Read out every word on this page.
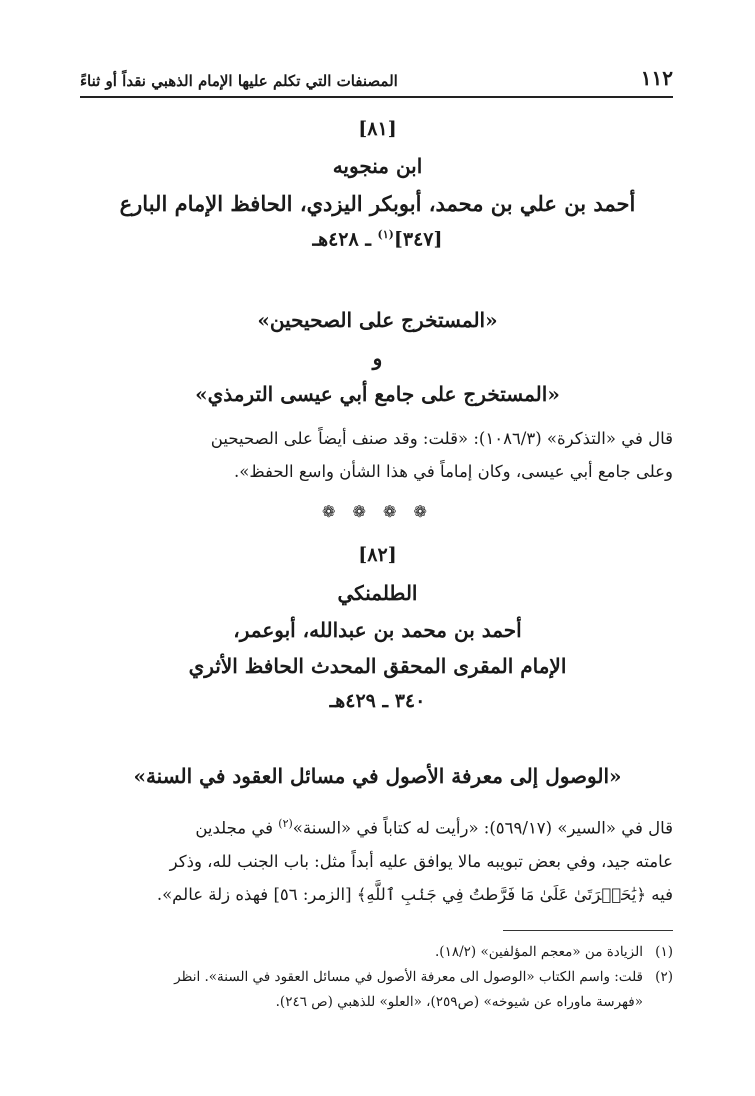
١١٢
المصنفات التي تكلم عليها الإمام الذهبي نقداً أو ثناءً
[٨١]
ابن منجويه
أحمد بن علي بن محمد، أبوبكر اليزدي، الحافظ الإمام البارع
[٣٤٧]$^{(١)}$ ـ ٤٢٨هـ
«المستخرج على الصحيحين»
و
«المستخرج على جامع أبي عيسى الترمذي»
قال في «التذكرة» (١٠٨٦/٣): «قلت: وقد صنف أيضاً على الصحيحين
وعلى جامع أبي عيسى، وكان إماماً في هذا الشأن واسع الحفظ».
❁ ❁ ❁ ❁
[٨٢]
الطلمنكي
أحمد بن محمد بن عبدالله، أبوعمر،
الإمام المقرى المحقق المحدث الحافظ الأثري
٣٤٠ ـ ٤٢٩هـ
«الوصول إلى معرفة الأصول في مسائل العقود في السنة»
قال في «السير» (٥٦٩/١٧): «رأيت له كتاباً في «السنة»$^{(٢)}$ في مجلدين
عامته جيد، وفي بعض تبويبه مالا يوافق عليه أبداً مثل: باب الجنب لله، وذكر
فيه ﴿يَٰحَسۡرَتَىٰ عَلَىٰ مَا فَرَّطتُ فِي جَنۢبِ ٱللَّهِ﴾ [الزمر: ٥٦] فهذه زلة عالم».
(١)
الزيادة من «معجم المؤلفين» (١٨/٢).
(٢)
قلت: واسم الكتاب «الوصول الى معرفة الأصول في مسائل العقود في السنة». انظر
«فهرسة ماوراه عن شيوخه» (ص٢٥٩)، «العلو» للذهبي (ص ٢٤٦).
